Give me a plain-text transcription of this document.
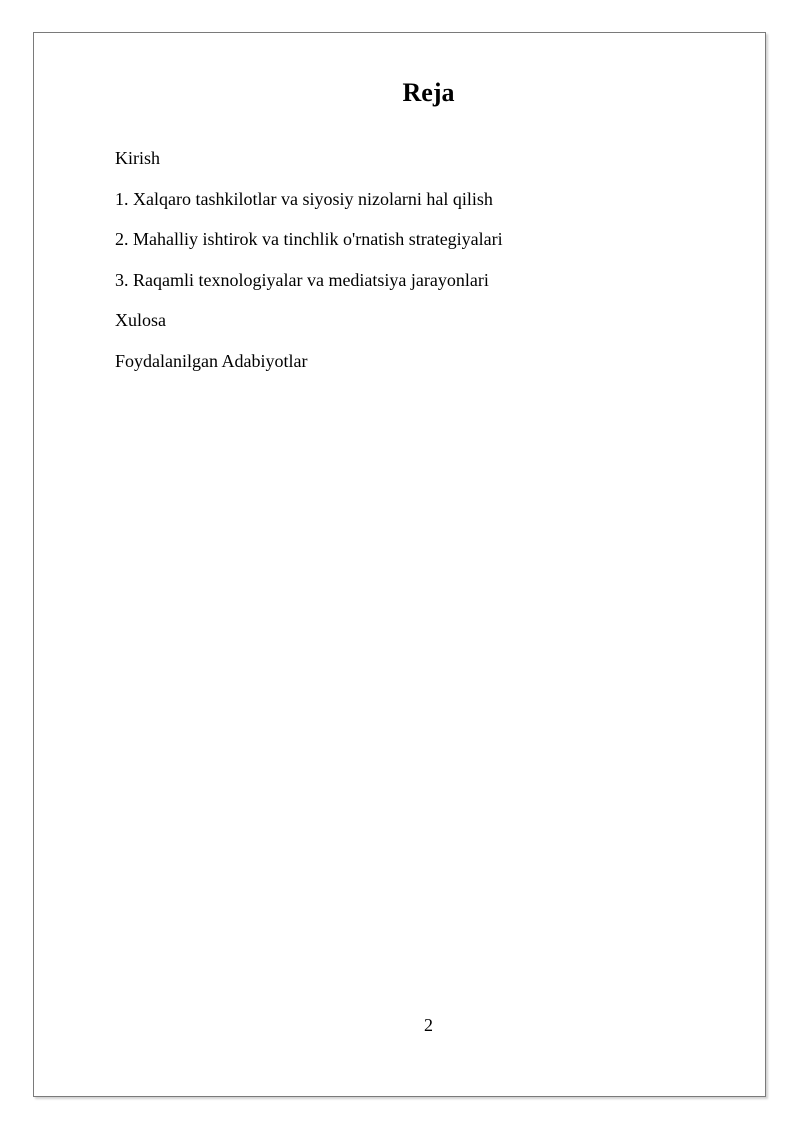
Reja
Kirish
1. Xalqaro tashkilotlar va siyosiy nizolarni hal qilish
2. Mahalliy ishtirok va tinchlik o'rnatish strategiyalari
3. Raqamli texnologiyalar va mediatsiya jarayonlari
Xulosa
Foydalanilgan Adabiyotlar
2
